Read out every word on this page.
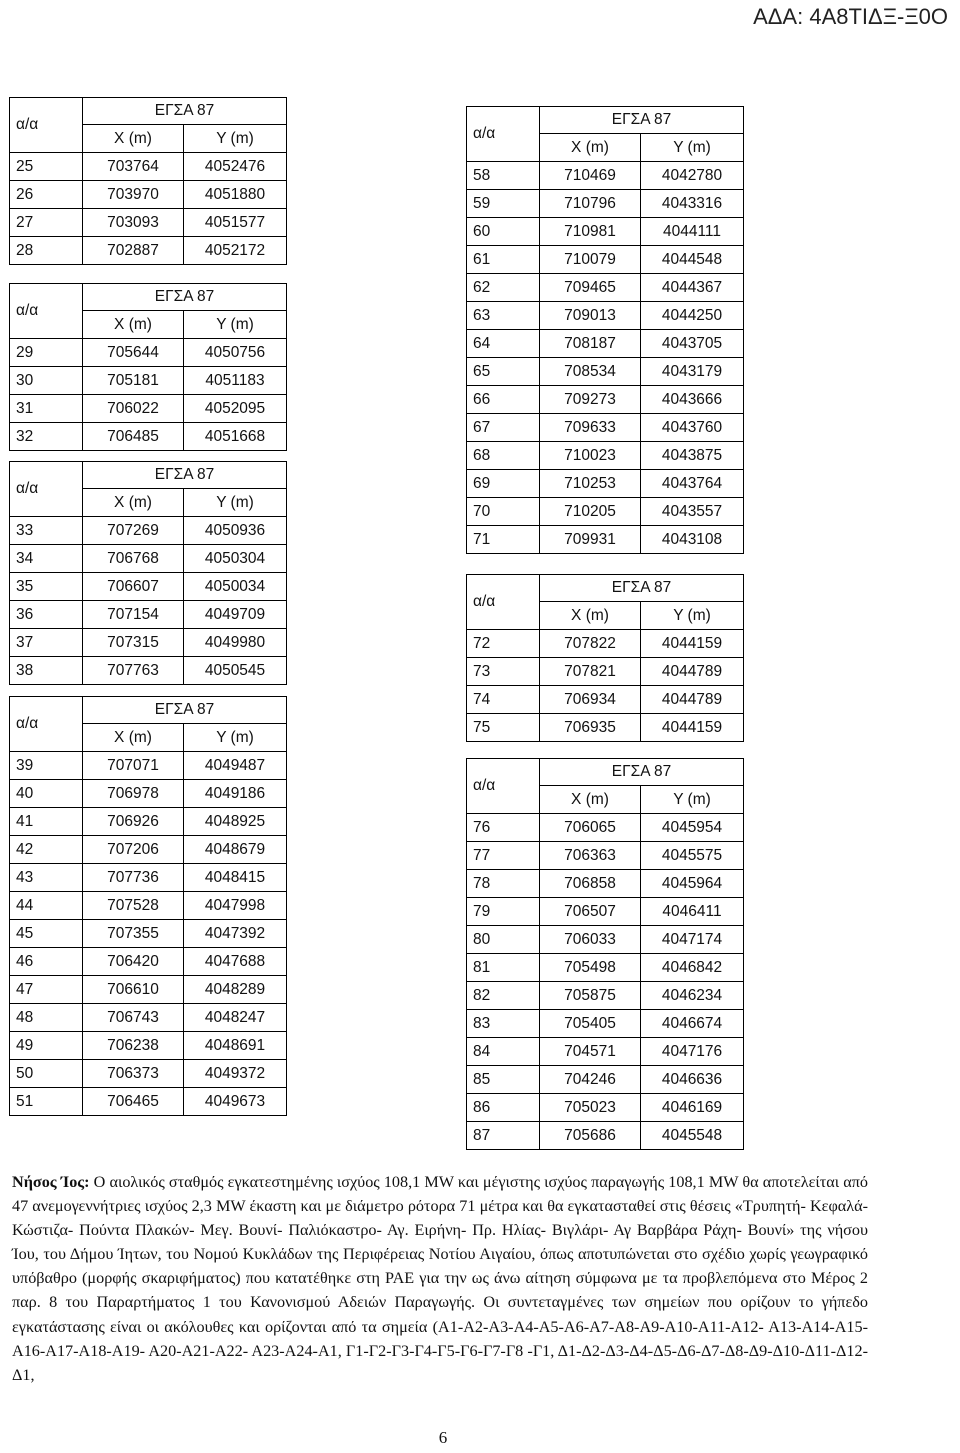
ΑΔΑ: 4Α8ΤΙΔΞ-Ξ0Ο
α/α	ΕΓΣΑ 87	
	X (m)	Y (m)
25	703764	4052476
26	703970	4051880
27	703093	4051577
28	702887	4052172
α/α	ΕΓΣΑ 87	
	X (m)	Y (m)
29	705644	4050756
30	705181	4051183
31	706022	4052095
32	706485	4051668
α/α	ΕΓΣΑ 87	
	X (m)	Y (m)
33	707269	4050936
34	706768	4050304
35	706607	4050034
36	707154	4049709
37	707315	4049980
38	707763	4050545
α/α	ΕΓΣΑ 87	
	X (m)	Y (m)
39	707071	4049487
40	706978	4049186
41	706926	4048925
42	707206	4048679
43	707736	4048415
44	707528	4047998
45	707355	4047392
46	706420	4047688
47	706610	4048289
48	706743	4048247
49	706238	4048691
50	706373	4049372
51	706465	4049673
α/α	ΕΓΣΑ 87	
	X (m)	Y (m)
58	710469	4042780
59	710796	4043316
60	710981	4044111
61	710079	4044548
62	709465	4044367
63	709013	4044250
64	708187	4043705
65	708534	4043179
66	709273	4043666
67	709633	4043760
68	710023	4043875
69	710253	4043764
70	710205	4043557
71	709931	4043108
α/α	ΕΓΣΑ 87	
	X (m)	Y (m)
72	707822	4044159
73	707821	4044789
74	706934	4044789
75	706935	4044159
α/α	ΕΓΣΑ 87	
	X (m)	Y (m)
76	706065	4045954
77	706363	4045575
78	706858	4045964
79	706507	4046411
80	706033	4047174
81	705498	4046842
82	705875	4046234
83	705405	4046674
84	704571	4047176
85	704246	4046636
86	705023	4046169
87	705686	4045548

Νήσος Ίος: Ο αιολικός σταθμός εγκατεστημένης ισχύος 108,1 MW και μέγιστης ισχύος παραγωγής 108,1 MW θα αποτελείται από 47 ανεμογεννήτριες ισχύος 2,3 MW έκαστη και με διάμετρο ρότορα 71 μέτρα και θα εγκατασταθεί στις θέσεις «Τρυπητή- Κεφαλά- Κώστιζα- Πούντα Πλακών- Μεγ. Βουνί- Παλιόκαστρο- Αγ. Ειρήνη- Πρ. Ηλίας- Βιγλάρι- Αγ Βαρβάρα Ράχη- Βουνί» της νήσου Ίου, του Δήμου Ίητων, του Νομού Κυκλάδων της Περιφέρειας Νοτίου Αιγαίου, όπως αποτυπώνεται στο σχέδιο χωρίς γεωγραφικό υπόβαθρο (μορφής σκαριφήματος) που κατατέθηκε στη ΡΑΕ για την ως άνω αίτηση σύμφωνα με τα προβλεπόμενα στο Μέρος 2 παρ. 8 του Παραρτήματος 1 του Κανονισμού Αδειών Παραγωγής. Οι συντεταγμένες των σημείων που ορίζουν το γήπεδο εγκατάστασης είναι οι ακόλουθες και ορίζονται από τα σημεία (Α1-Α2-Α3-Α4-Α5-Α6-Α7-Α8-Α9-Α10-Α11-Α12- Α13-Α14-Α15-Α16-Α17-Α18-Α19- Α20-Α21-Α22- Α23-Α24-Α1, Γ1-Γ2-Γ3-Γ4-Γ5-Γ6-Γ7-Γ8 -Γ1, Δ1-Δ2-Δ3-Δ4-Δ5-Δ6-Δ7-Δ8-Δ9-Δ10-Δ11-Δ12-Δ1,

6
